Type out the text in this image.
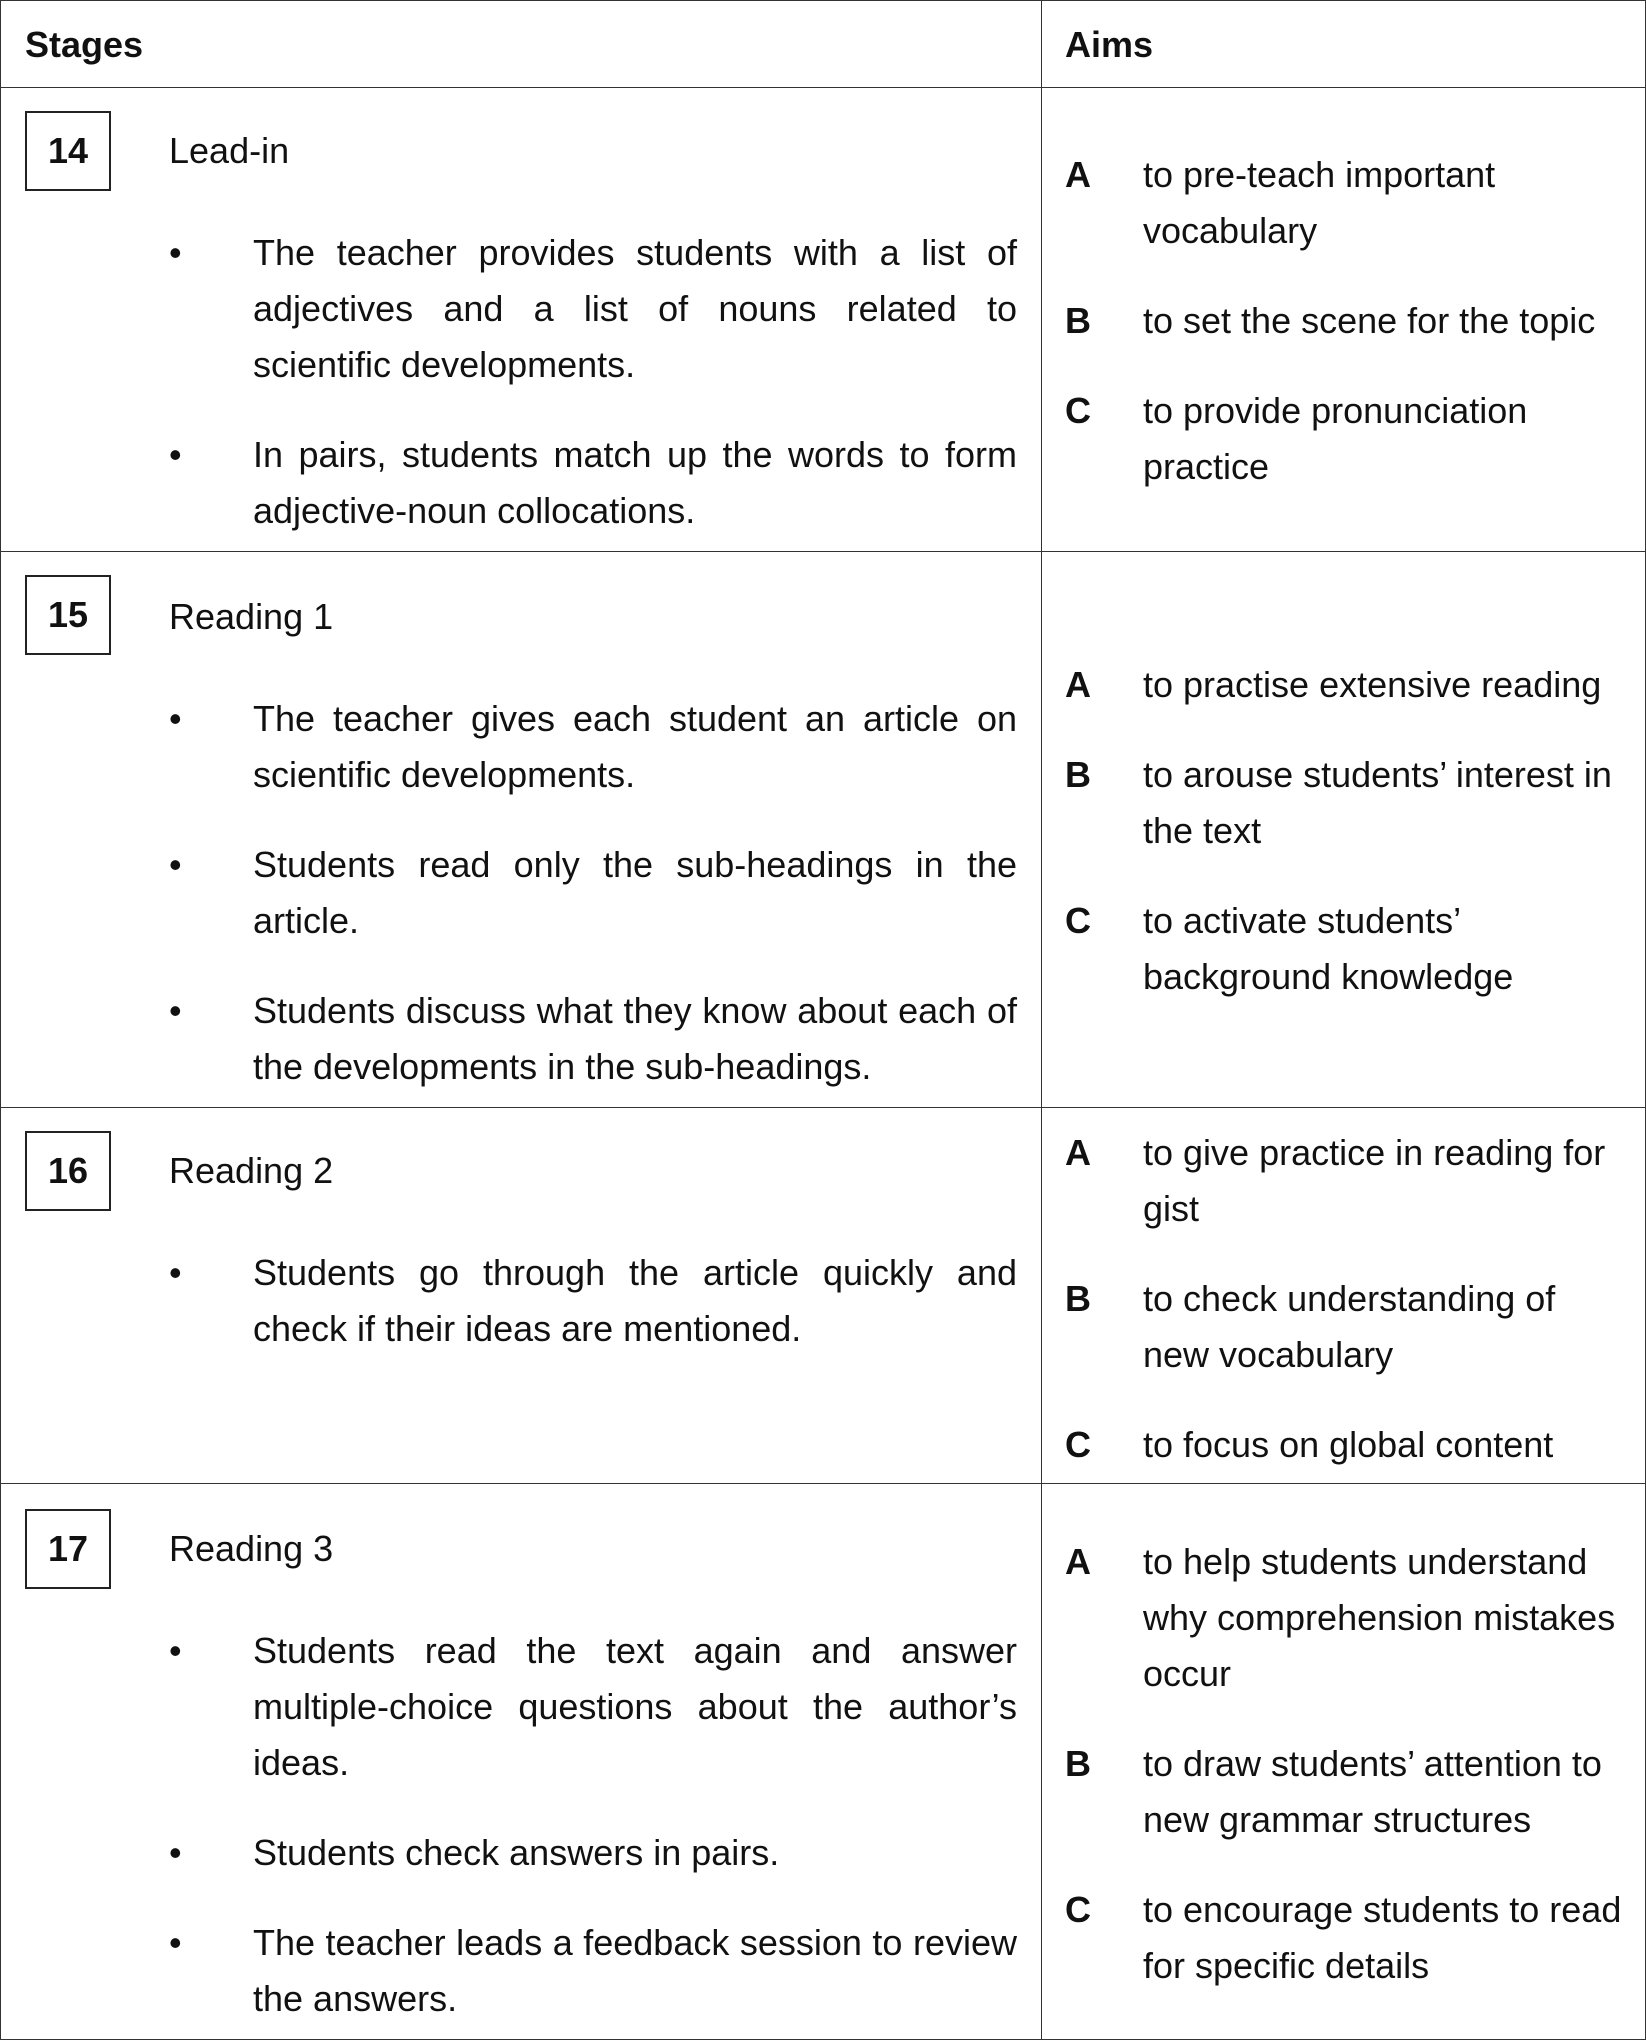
Stages	Aims
14 Lead-in
• The teacher provides students with a list of adjectives and a list of nouns related to scientific developments.
• In pairs, students match up the words to form adjective-noun collocations.
A	to pre-teach important vocabulary
B	to set the scene for the topic
C	to provide pronunciation practice
15 Reading 1
• The teacher gives each student an article on scientific developments.
• Students read only the sub-headings in the article.
• Students discuss what they know about each of the developments in the sub-headings.
A	to practise extensive reading
B	to arouse students’ interest in the text
C	to activate students’ background knowledge
16 Reading 2
• Students go through the article quickly and check if their ideas are mentioned.
A	to give practice in reading for gist
B	to check understanding of new vocabulary
C	to focus on global content
17 Reading 3
• Students read the text again and answer multiple-choice questions about the author’s ideas.
• Students check answers in pairs.
• The teacher leads a feedback session to review the answers.
A	to help students understand why comprehension mistakes occur
B	to draw students’ attention to new grammar structures
C	to encourage students to read for specific details
